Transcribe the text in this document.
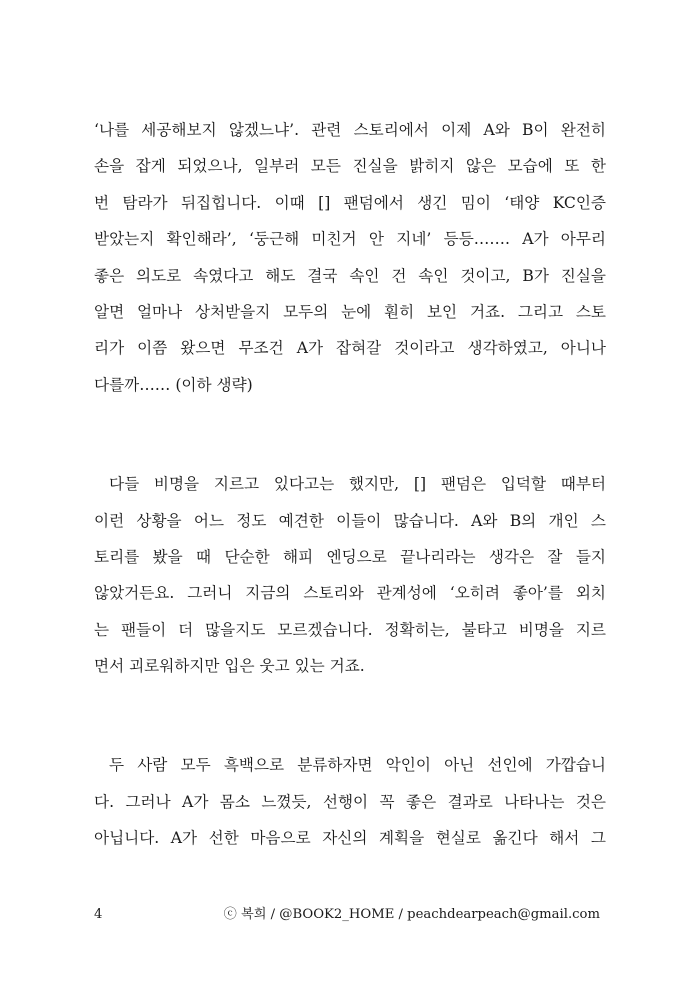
‘나를 세공해보지 않겠느냐’. 관련 스토리에서 이제 A와 B이 완전히
손을 잡게 되었으나, 일부러 모든 진실을 밝히지 않은 모습에 또 한
번 탐라가 뒤집힙니다. 이때 [] 팬덤에서 생긴 밈이 ‘태양 KC인증
받았는지 확인해라’, ‘둥근해 미친거 안 지네’ 등등……. A가 아무리
좋은 의도로 속였다고 해도 결국 속인 건 속인 것이고, B가 진실을
알면 얼마나 상처받을지 모두의 눈에 훤히 보인 거죠. 그리고 스토
리가 이쯤 왔으면 무조건 A가 잡혀갈 것이라고 생각하였고, 아니나
다를까…… (이하 생략)
다들 비명을 지르고 있다고는 했지만, [] 팬덤은 입덕할 때부터
이런 상황을 어느 정도 예견한 이들이 많습니다. A와 B의 개인 스
토리를 봤을 때 단순한 해피 엔딩으로 끝나리라는 생각은 잘 들지
않았거든요. 그러니 지금의 스토리와 관계성에 ‘오히려 좋아’를 외치
는 팬들이 더 많을지도 모르겠습니다. 정확히는, 불타고 비명을 지르
면서 괴로워하지만 입은 웃고 있는 거죠.
두 사람 모두 흑백으로 분류하자면 악인이 아닌 선인에 가깝습니
다. 그러나 A가 몸소 느꼈듯, 선행이 꼭 좋은 결과로 나타나는 것은
아닙니다. A가 선한 마음으로 자신의 계획을 현실로 옮긴다 해서 그
4	ⓒ 복희 / @BOOK2_HOME / peachdearpeach@gmail.com
